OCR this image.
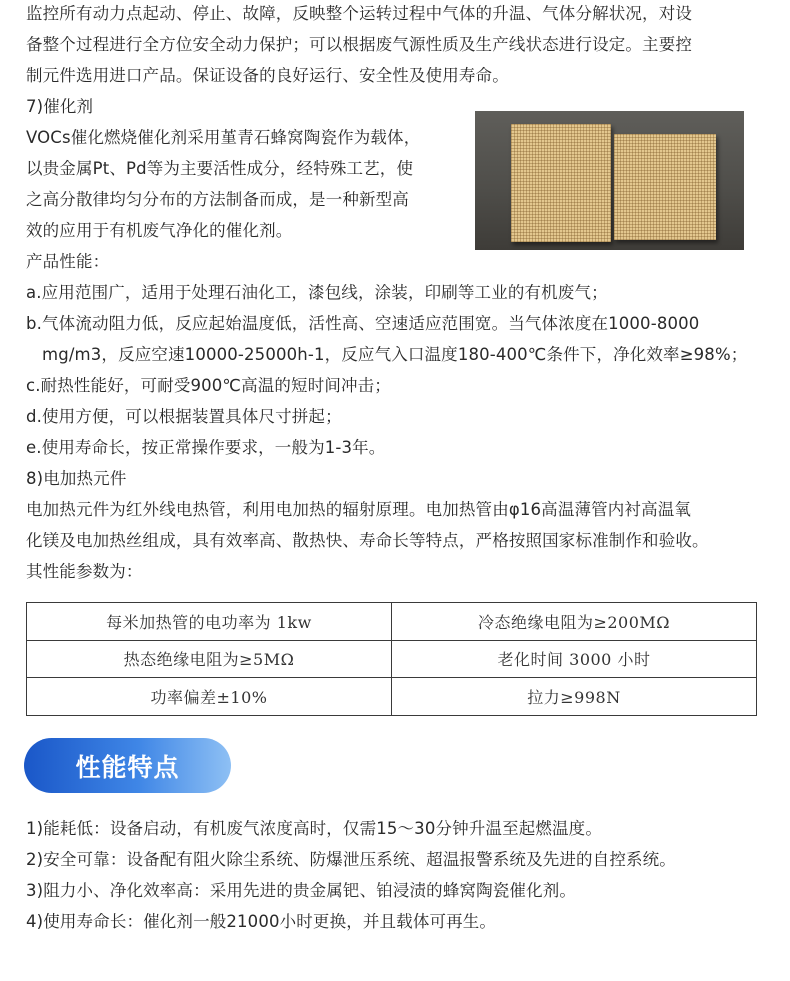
监控所有动力点起动、停止、故障，反映整个运转过程中气体的升温、气体分解状况，对设
备整个过程进行全方位安全动力保护；可以根据废气源性质及生产线状态进行设定。主要控
制元件选用进口产品。保证设备的良好运行、安全性及使用寿命。
7)催化剂
VOCs催化燃烧催化剂采用堇青石蜂窝陶瓷作为载体，
以贵金属Pt、Pd等为主要活性成分，经特殊工艺，使
之高分散律均匀分布的方法制备而成，是一种新型高
效的应用于有机废气净化的催化剂。
产品性能：
a.应用范围广，适用于处理石油化工，漆包线，涂装，印刷等工业的有机废气；
b.气体流动阻力低，反应起始温度低，活性高、空速适应范围宽。当气体浓度在1000-8000
mg/m3，反应空速10000-25000h-1，反应气入口温度180-400℃条件下，净化效率≥98%；
c.耐热性能好，可耐受900℃高温的短时间冲击；
d.使用方便，可以根据装置具体尺寸拼起；
e.使用寿命长，按正常操作要求，一般为1-3年。
8)电加热元件
电加热元件为红外线电热管，利用电加热的辐射原理。电加热管由φ16高温薄管内衬高温氧
化镁及电加热丝组成，具有效率高、散热快、寿命长等特点，严格按照国家标准制作和验收。
其性能参数为：
每米加热管的电功率为 1kw	冷态绝缘电阻为≥200MΩ
热态绝缘电阻为≥5MΩ	老化时间 3000 小时
功率偏差±10%	拉力≥998N
性能特点
1)能耗低：设备启动，有机废气浓度高时，仅需15～30分钟升温至起燃温度。
2)安全可靠：设备配有阻火除尘系统、防爆泄压系统、超温报警系统及先进的自控系统。
3)阻力小、净化效率高：采用先进的贵金属钯、铂浸渍的蜂窝陶瓷催化剂。
4)使用寿命长：催化剂一般21000小时更换，并且载体可再生。
